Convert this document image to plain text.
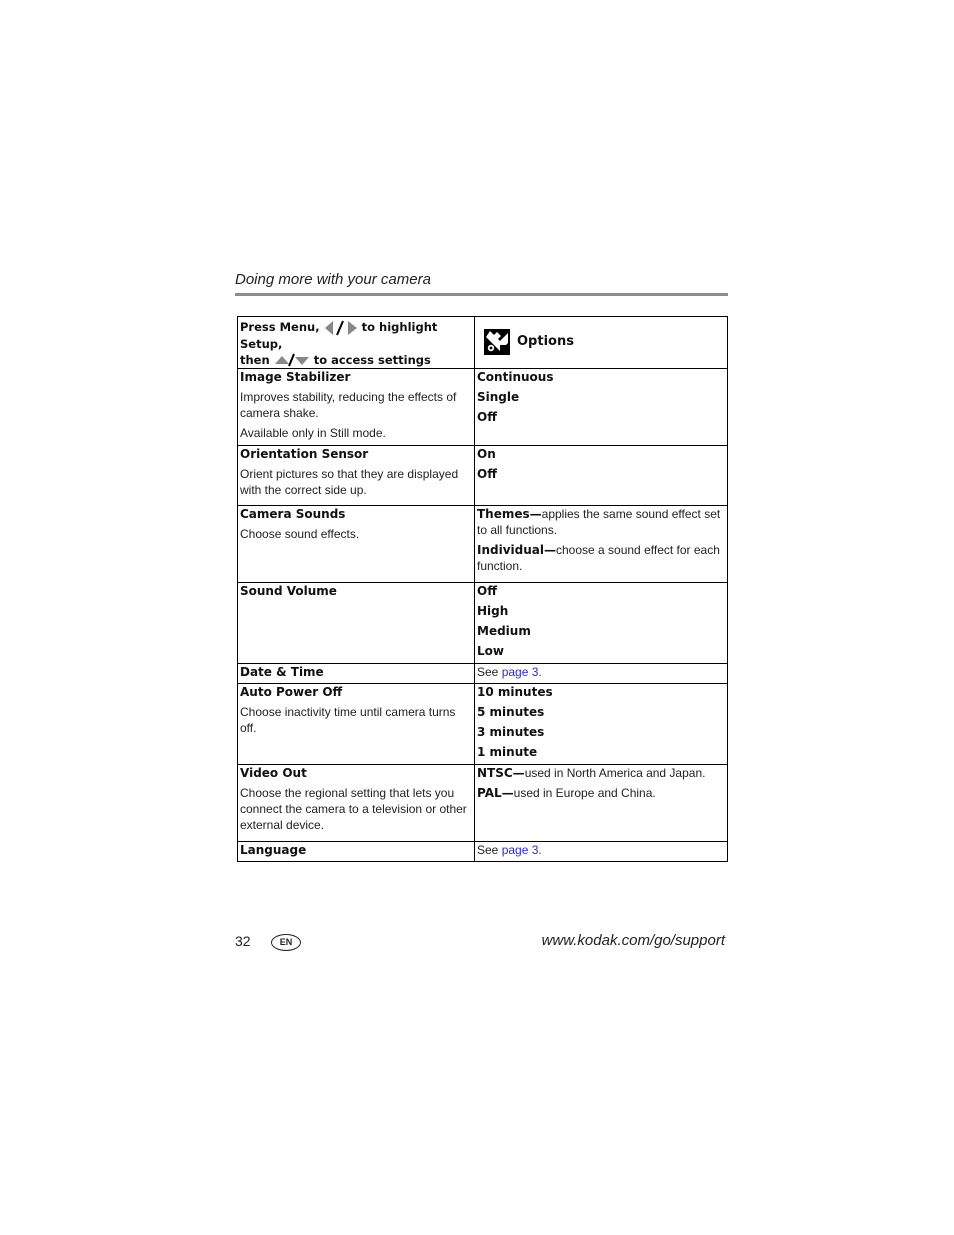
Doing more with your camera
Press Menu, to highlight Setup,
then to access settings	Options

Image Stabilizer
Improves stability, reducing the effects of camera shake.
Available only in Still mode.	Continuous
Single
Off

Orientation Sensor
Orient pictures so that they are displayed with the correct side up.	On
Off

Camera Sounds
Choose sound effects.	Themes—applies the same sound effect set to all functions.
Individual—choose a sound effect for each function.

Sound Volume	Off
High
Medium
Low

Date & Time	See page 3.

Auto Power Off
Choose inactivity time until camera turns off.	10 minutes
5 minutes
3 minutes
1 minute

Video Out
Choose the regional setting that lets you connect the camera to a television or other external device.	NTSC—used in North America and Japan.
PAL—used in Europe and China.

Language	See page 3.
32	EN	www.kodak.com/go/support
